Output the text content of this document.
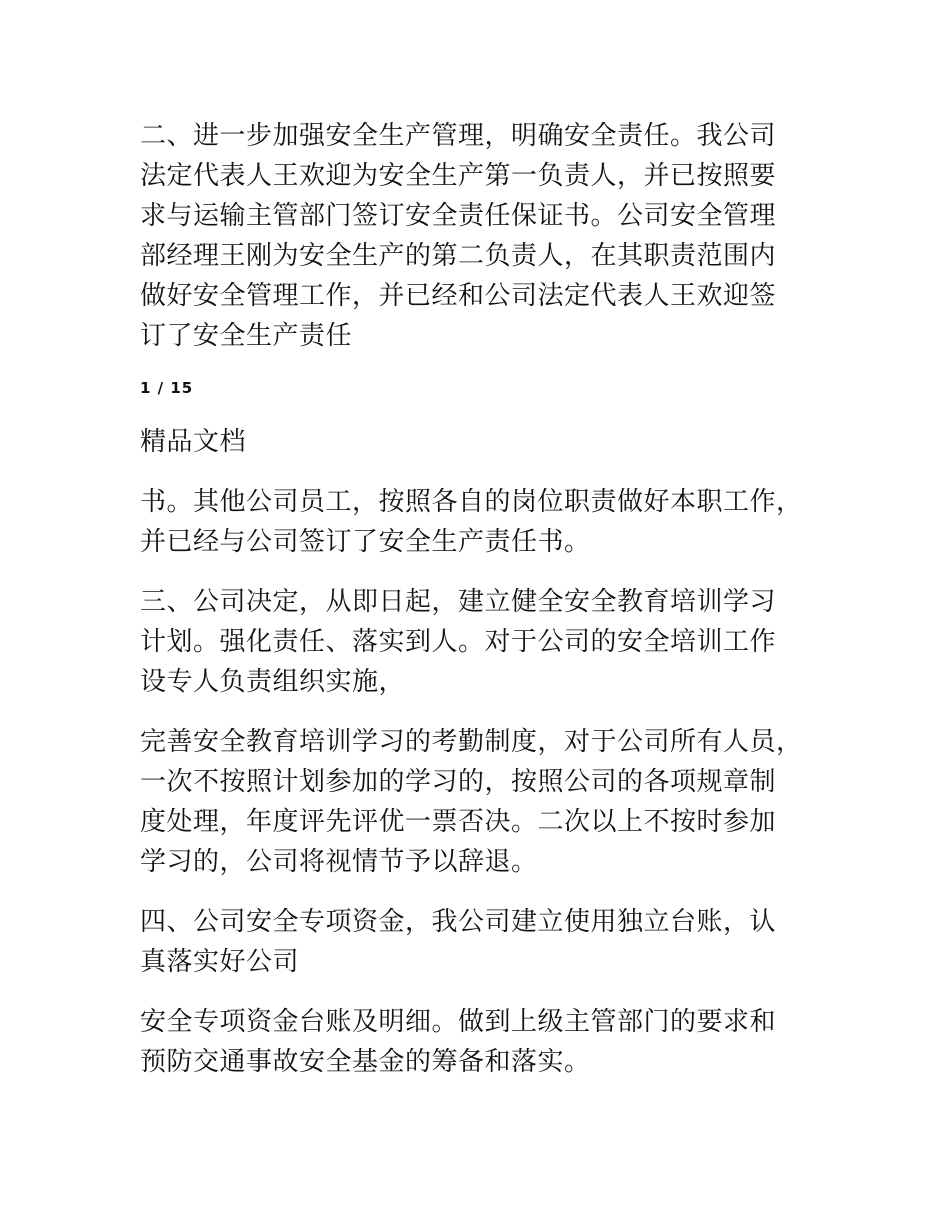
二、进一步加强安全生产管理，明确安全责任。我公司
法定代表人王欢迎为安全生产第一负责人，并已按照要
求与运输主管部门签订安全责任保证书。公司安全管理
部经理王刚为安全生产的第二负责人，在其职责范围内
做好安全管理工作，并已经和公司法定代表人王欢迎签
订了安全生产责任
1 / 15
精品文档
书。其他公司员工，按照各自的岗位职责做好本职工作，
并已经与公司签订了安全生产责任书。
三、公司决定，从即日起，建立健全安全教育培训学习
计划。强化责任、落实到人。对于公司的安全培训工作
设专人负责组织实施，
完善安全教育培训学习的考勤制度，对于公司所有人员，
一次不按照计划参加的学习的，按照公司的各项规章制
度处理，年度评先评优一票否决。二次以上不按时参加
学习的，公司将视情节予以辞退。
四、公司安全专项资金，我公司建立使用独立台账，认
真落实好公司
安全专项资金台账及明细。做到上级主管部门的要求和
预防交通事故安全基金的筹备和落实。
